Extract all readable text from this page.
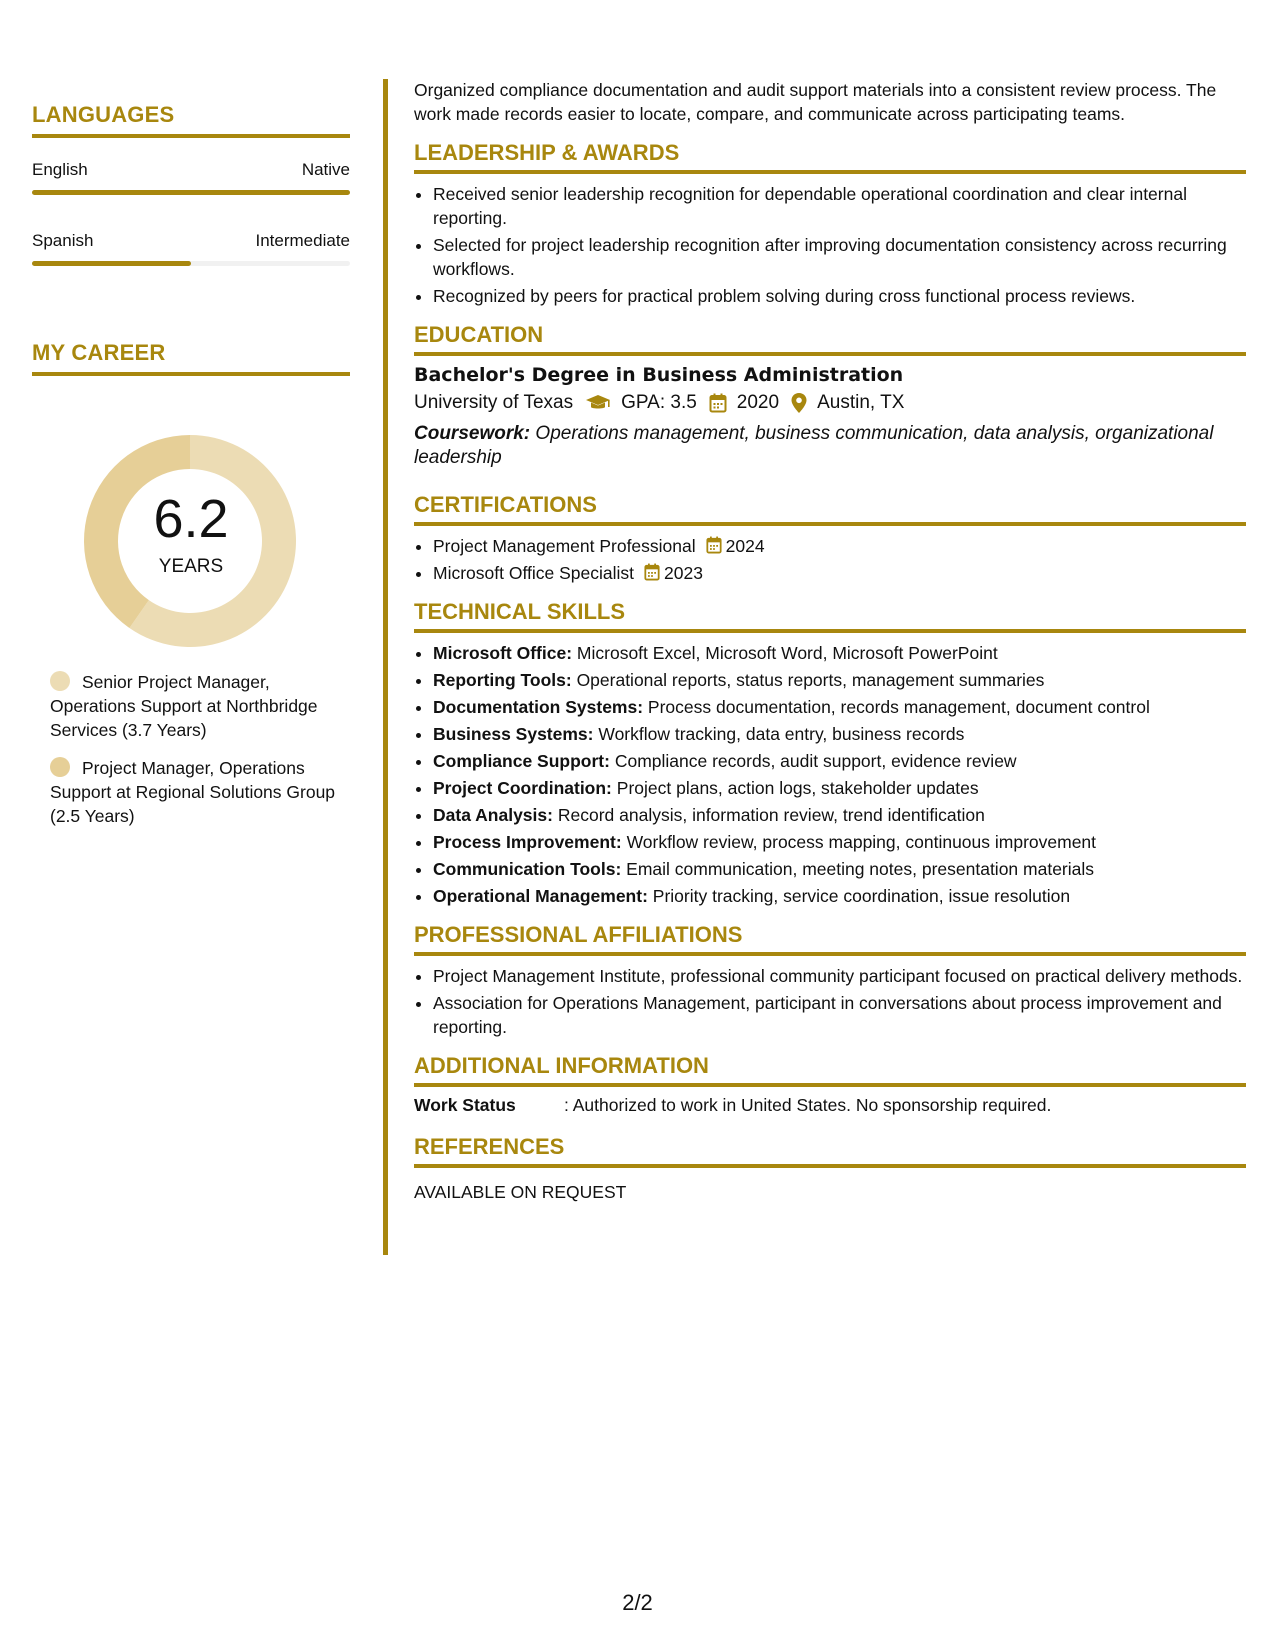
LANGUAGES
English	Native
Spanish	Intermediate
MY CAREER
6.2
YEARS
Senior Project Manager, Operations Support at Northbridge Services (3.7 Years)
Project Manager, Operations Support at Regional Solutions Group (2.5 Years)

Organized compliance documentation and audit support materials into a consistent review process. The work made records easier to locate, compare, and communicate across participating teams.

LEADERSHIP & AWARDS
• Received senior leadership recognition for dependable operational coordination and clear internal reporting.
• Selected for project leadership recognition after improving documentation consistency across recurring workflows.
• Recognized by peers for practical problem solving during cross functional process reviews.
EDUCATION
Bachelor's Degree in Business Administration
University of Texas	GPA: 3.5 2020 Austin, TX
Coursework: Operations management, business communication, data analysis, organizational leadership
CERTIFICATIONS
• Project Management Professional 2024
• Microsoft Office Specialist 2023
TECHNICAL SKILLS
• Microsoft Office: Microsoft Excel, Microsoft Word, Microsoft PowerPoint
• Reporting Tools: Operational reports, status reports, management summaries
• Documentation Systems: Process documentation, records management, document control
• Business Systems: Workflow tracking, data entry, business records
• Compliance Support: Compliance records, audit support, evidence review
• Project Coordination: Project plans, action logs, stakeholder updates
• Data Analysis: Record analysis, information review, trend identification
• Process Improvement: Workflow review, process mapping, continuous improvement
• Communication Tools: Email communication, meeting notes, presentation materials
• Operational Management: Priority tracking, service coordination, issue resolution
PROFESSIONAL AFFILIATIONS
• Project Management Institute, professional community participant focused on practical delivery methods.
• Association for Operations Management, participant in conversations about process improvement and reporting.
ADDITIONAL INFORMATION
Work Status	: Authorized to work in United States. No sponsorship required.
REFERENCES

AVAILABLE ON REQUEST

2/2
